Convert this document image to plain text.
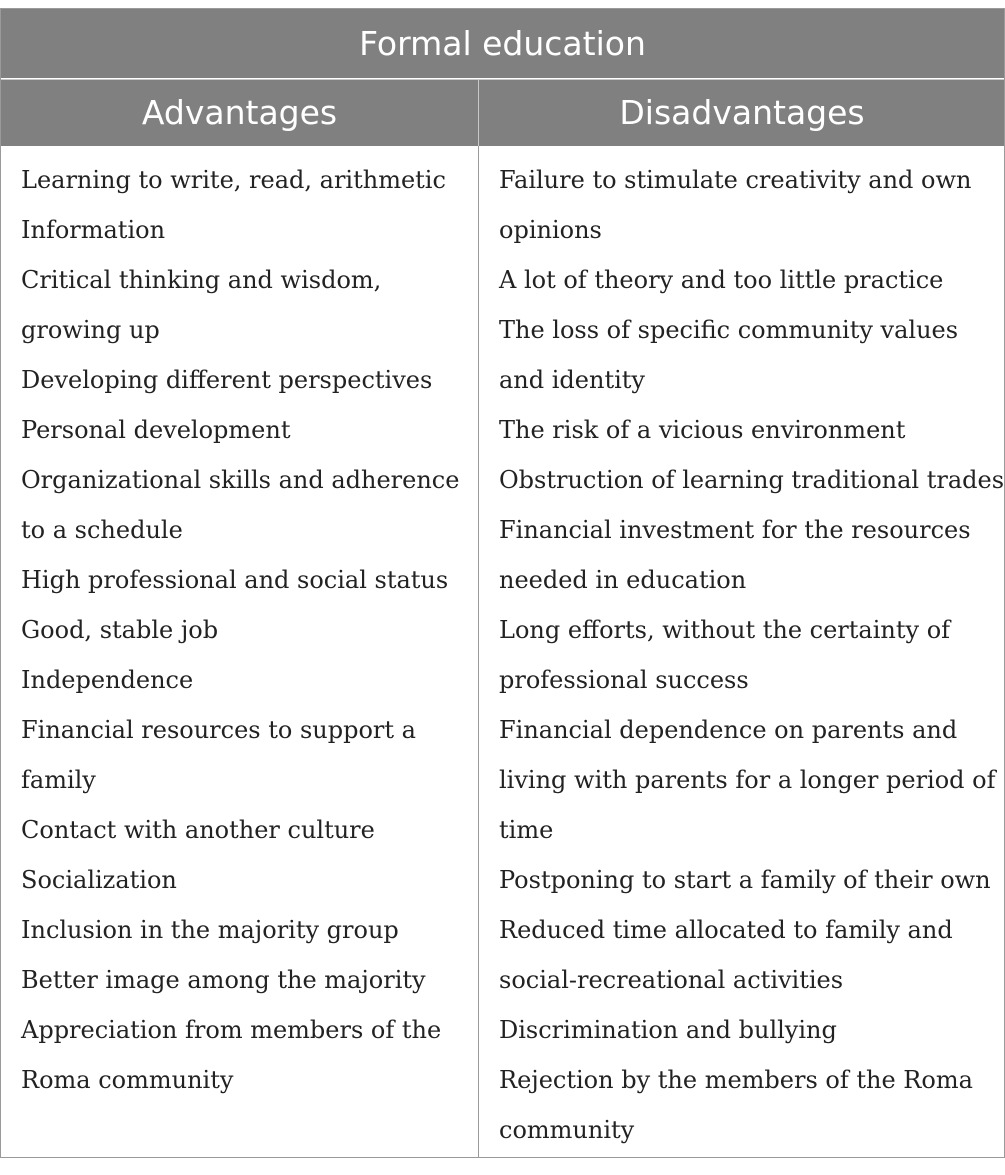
Formal education
Advantages	Disadvantages
Learning to write, read, arithmetic
Information
Critical thinking and wisdom,
growing up
Developing different perspectives
Personal development
Organizational skills and adherence
to a schedule
High professional and social status
Good, stable job
Independence
Financial resources to support a
family
Contact with another culture
Socialization
Inclusion in the majority group
Better image among the majority
Appreciation from members of the
Roma community
Failure to stimulate creativity and own
opinions
A lot of theory and too little practice
The loss of specific community values
and identity
The risk of a vicious environment
Obstruction of learning traditional trades
Financial investment for the resources
needed in education
Long efforts, without the certainty of
professional success
Financial dependence on parents and
living with parents for a longer period of
time
Postponing to start a family of their own
Reduced time allocated to family and
social-recreational activities
Discrimination and bullying
Rejection by the members of the Roma
community
